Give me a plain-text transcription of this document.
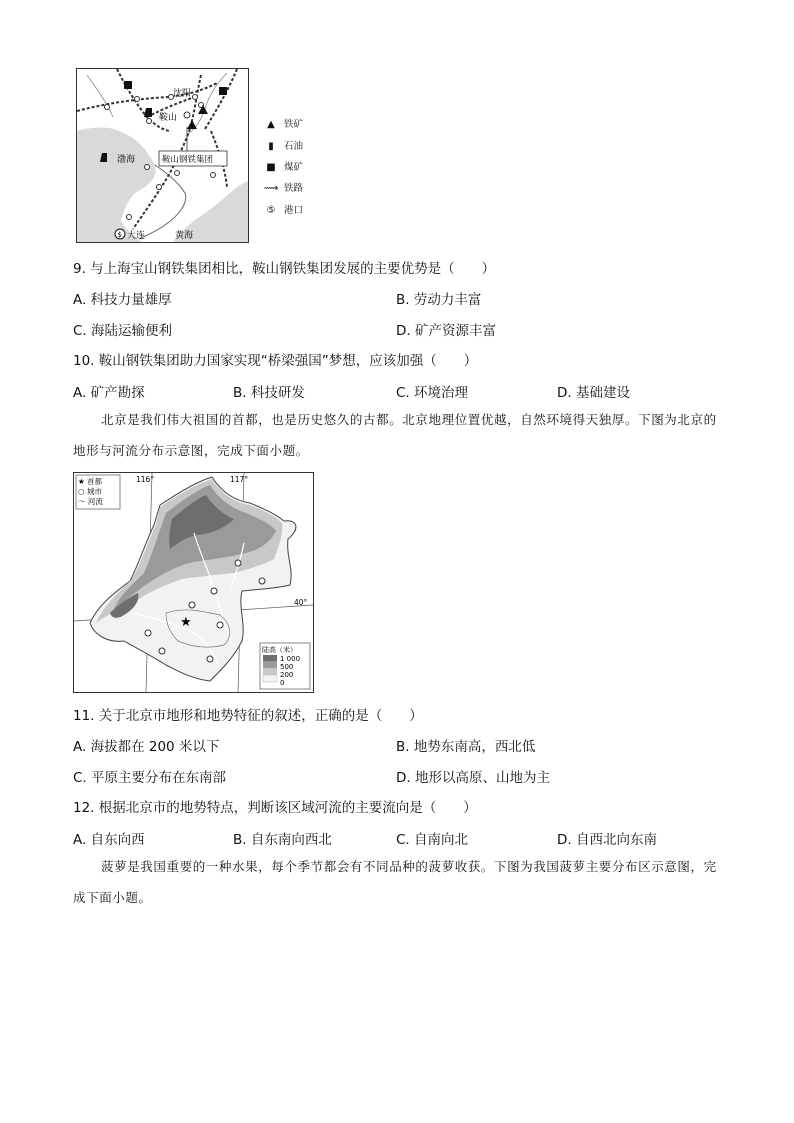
$
沈阳
鞍山
渤海	鞍山钢铁集团
大连	黄海
▲ 铁矿
▮ 石油
■ 煤矿
⟿ 铁路
⑤ 港口
9. 与上海宝山钢铁集团相比，鞍山钢铁集团发展的主要优势是（　　）
A. 科技力量雄厚	B. 劳动力丰富
C. 海陆运输便利	D. 矿产资源丰富
10. 鞍山钢铁集团助力国家实现“桥梁强国”梦想，应该加强（　　）
A. 矿产勘探	B. 科技研发	C. 环境治理	D. 基础建设
北京是我们伟大祖国的首都，也是历史悠久的古都。北京地理位置优越，自然环境得天独厚。下图为北京的地形与河流分布示意图，完成下面小题。
★
★ 首都
○ 城市
～ 河流
116°	117°
40°
陆高（米）
1 000
500
200
0
11. 关于北京市地形和地势特征的叙述，正确的是（　　）
A. 海拔都在 200 米以下	B. 地势东南高，西北低
C. 平原主要分布在东南部	D. 地形以高原、山地为主
12. 根据北京市的地势特点，判断该区域河流的主要流向是（　　）
A. 自东向西	B. 自东南向西北	C. 自南向北	D. 自西北向东南
菠萝是我国重要的一种水果，每个季节都会有不同品种的菠萝收获。下图为我国菠萝主要分布区示意图，完成下面小题。
